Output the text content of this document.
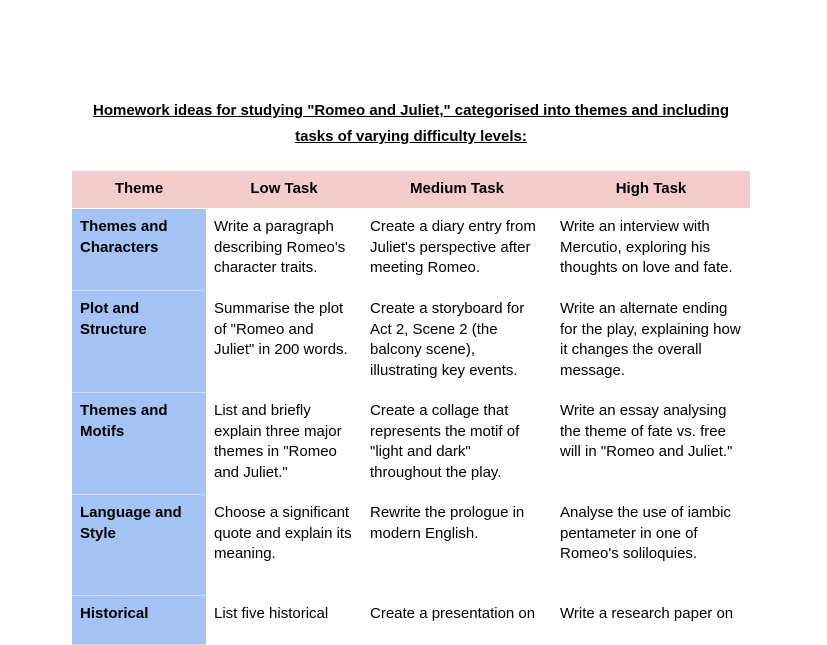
Homework ideas for studying "Romeo and Juliet," categorised into themes and including tasks of varying difficulty levels:
Theme	Low Task	Medium Task	High Task
Themes and Characters	Write a paragraph describing Romeo's character traits.	Create a diary entry from Juliet's perspective after meeting Romeo.	Write an interview with Mercutio, exploring his thoughts on love and fate.
Plot and Structure	Summarise the plot of "Romeo and Juliet" in 200 words.	Create a storyboard for Act 2, Scene 2 (the balcony scene), illustrating key events.	Write an alternate ending for the play, explaining how it changes the overall message.
Themes and Motifs	List and briefly explain three major themes in "Romeo and Juliet."	Create a collage that represents the motif of "light and dark" throughout the play.	Write an essay analysing the theme of fate vs. free will in "Romeo and Juliet."
Language and Style	Choose a significant quote and explain its meaning.	Rewrite the prologue in modern English.	Analyse the use of iambic pentameter in one of Romeo's soliloquies.
Historical	List five historical	Create a presentation on	Write a research paper on
